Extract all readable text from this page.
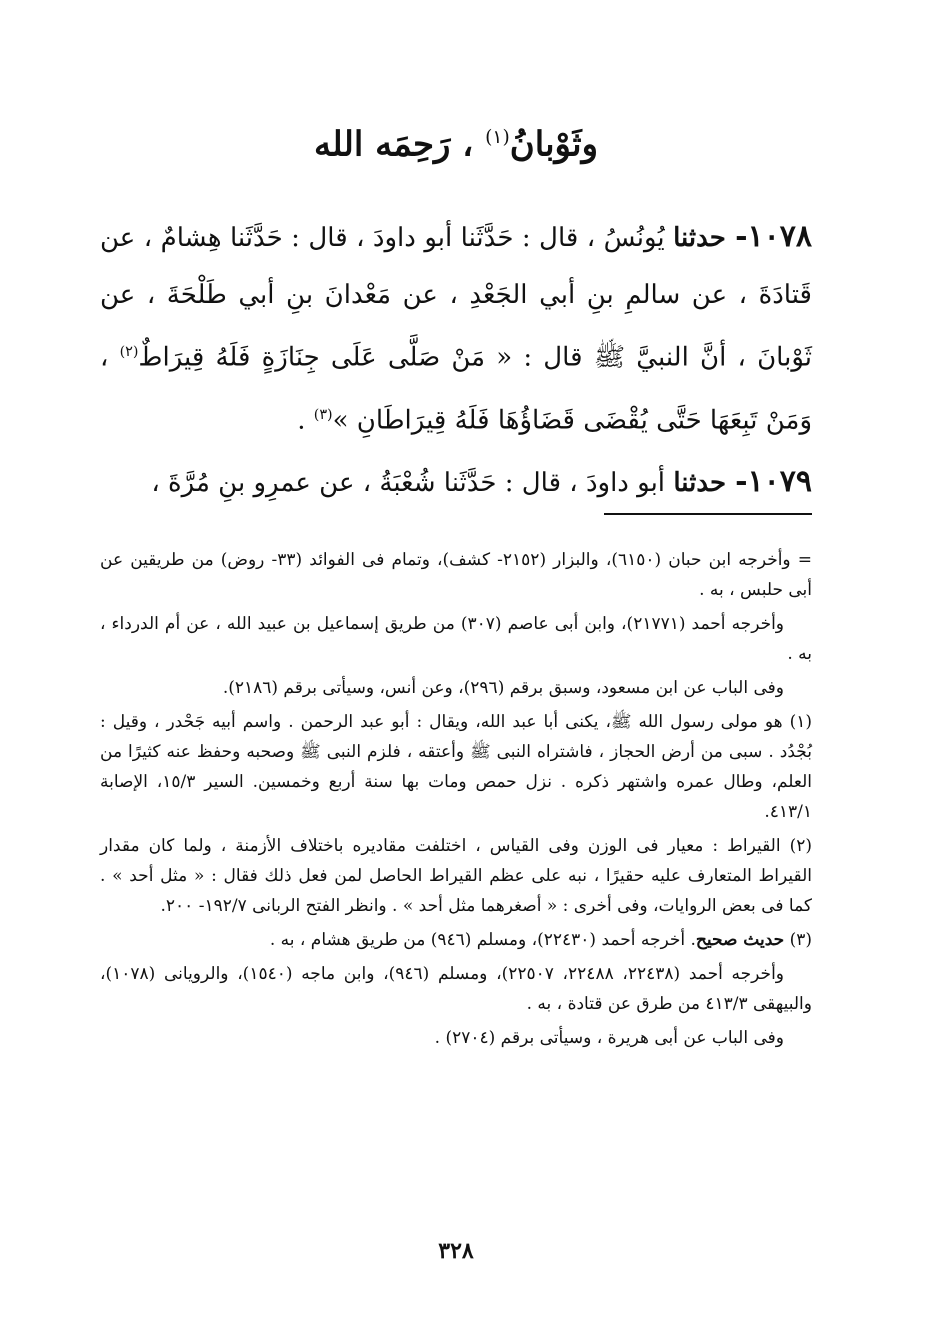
وثَوْبانُ$^{(١)}$ ، رَحِمَه الله

١٠٧٨- حدثنا يُونُسُ ، قال : حَدَّثَنا أبو داودَ ، قال : حَدَّثَنا هِشامٌ ، عن قَتادَةَ ، عن سالمِ بنِ أبي الجَعْدِ ، عن مَعْدانَ بنِ أبي طَلْحَةَ ، عن ثَوْبانَ ، أنَّ النبيَّ ﷺ قال : « مَنْ صَلَّى عَلَى جِنَازَةٍ فَلَهُ قِيرَاطٌ$^{(٢)}$ ، وَمَنْ تَبِعَهَا حَتَّى يُقْضَى قَضَاؤُهَا فَلَهُ قِيرَاطَانِ »$^{(٣)}$ .

١٠٧٩- حدثنا أبو داودَ ، قال : حَدَّثَنا شُعْبَةُ ، عن عمرِو بنِ مُرَّةَ ،

= وأخرجه ابن حبان (٦١٥٠)، والبزار (٢١٥٢- كشف)، وتمام فى الفوائد (٣٣- روض) من طريقين عن أبى حلبس ، به .

وأخرجه أحمد (٢١٧٧١)، وابن أبى عاصم (٣٠٧) من طريق إسماعيل بن عبيد الله ، عن أم الدرداء ، به .

وفى الباب عن ابن مسعود، وسبق برقم (٢٩٦)، وعن أنس، وسيأتى برقم (٢١٨٦).

(١) هو مولى رسول الله ﷺ، يكنى أبا عبد الله، ويقال : أبو عبد الرحمن . واسم أبيه جَحْدر ، وقيل : بُجْدُد . سبى من أرض الحجاز ، فاشتراه النبى ﷺ وأعتقه ، فلزم النبى ﷺ وصحبه وحفظ عنه كثيرًا من العلم، وطال عمره واشتهر ذكره . نزل حمص ومات بها سنة أربع وخمسين. السير ١٥/٣، الإصابة ٤١٣/١.

(٢) القيراط : معيار فى الوزن وفى القياس ، اختلفت مقاديره باختلاف الأزمنة ، ولما كان مقدار القيراط المتعارف عليه حقيرًا ، نبه على عظم القيراط الحاصل لمن فعل ذلك فقال : « مثل أحد » . كما فى بعض الروايات، وفى أخرى : « أصغرهما مثل أحد » . وانظر الفتح الربانى ١٩٢/٧- ٢٠٠.

(٣) حديث صحيح. أخرجه أحمد (٢٢٤٣٠)، ومسلم (٩٤٦) من طريق هشام ، به .

وأخرجه أحمد (٢٢٤٣٨، ٢٢٤٨٨، ٢٢٥٠٧)، ومسلم (٩٤٦)، وابن ماجه (١٥٤٠)، والرويانى (١٠٧٨)، والبيهقى ٤١٣/٣ من طرق عن قتادة ، به .

وفى الباب عن أبى هريرة ، وسيأتى برقم (٢٧٠٤) .

٣٢٨
